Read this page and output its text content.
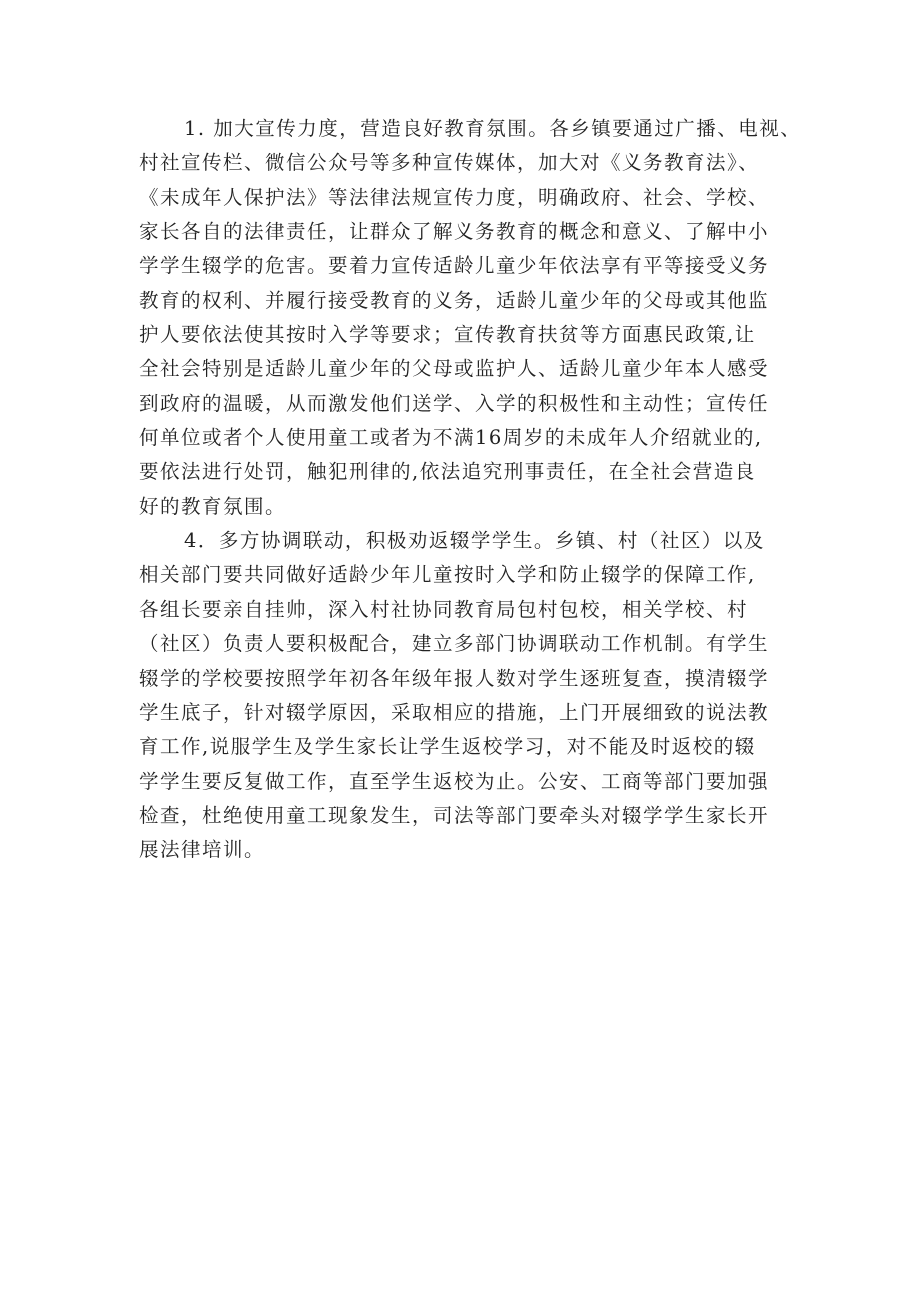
1. 加大宣传力度，营造良好教育氛围。各乡镇要通过广播、电视、
村社宣传栏、微信公众号等多种宣传媒体，加大对《义务教育法》、
《未成年人保护法》等法律法规宣传力度，明确政府、社会、学校、
家长各自的法律责任，让群众了解义务教育的概念和意义、了解中小
学学生辍学的危害。要着力宣传适龄儿童少年依法享有平等接受义务
教育的权利、并履行接受教育的义务，适龄儿童少年的父母或其他监
护人要依法使其按时入学等要求；宣传教育扶贫等方面惠民政策,让
全社会特别是适龄儿童少年的父母或监护人、适龄儿童少年本人感受
到政府的温暖，从而激发他们送学、入学的积极性和主动性；宣传任
何单位或者个人使用童工或者为不满16周岁的未成年人介绍就业的,
要依法进行处罚，触犯刑律的,依法追究刑事责任，在全社会营造良
好的教育氛围。
4．多方协调联动，积极劝返辍学学生。乡镇、村（社区）以及
相关部门要共同做好适龄少年儿童按时入学和防止辍学的保障工作,
各组长要亲自挂帅，深入村社协同教育局包村包校，相关学校、村
（社区）负责人要积极配合，建立多部门协调联动工作机制。有学生
辍学的学校要按照学年初各年级年报人数对学生逐班复查，摸清辍学
学生底子，针对辍学原因，采取相应的措施，上门开展细致的说法教
育工作,说服学生及学生家长让学生返校学习，对不能及时返校的辍
学学生要反复做工作，直至学生返校为止。公安、工商等部门要加强
检查，杜绝使用童工现象发生，司法等部门要牵头对辍学学生家长开
展法律培训。
